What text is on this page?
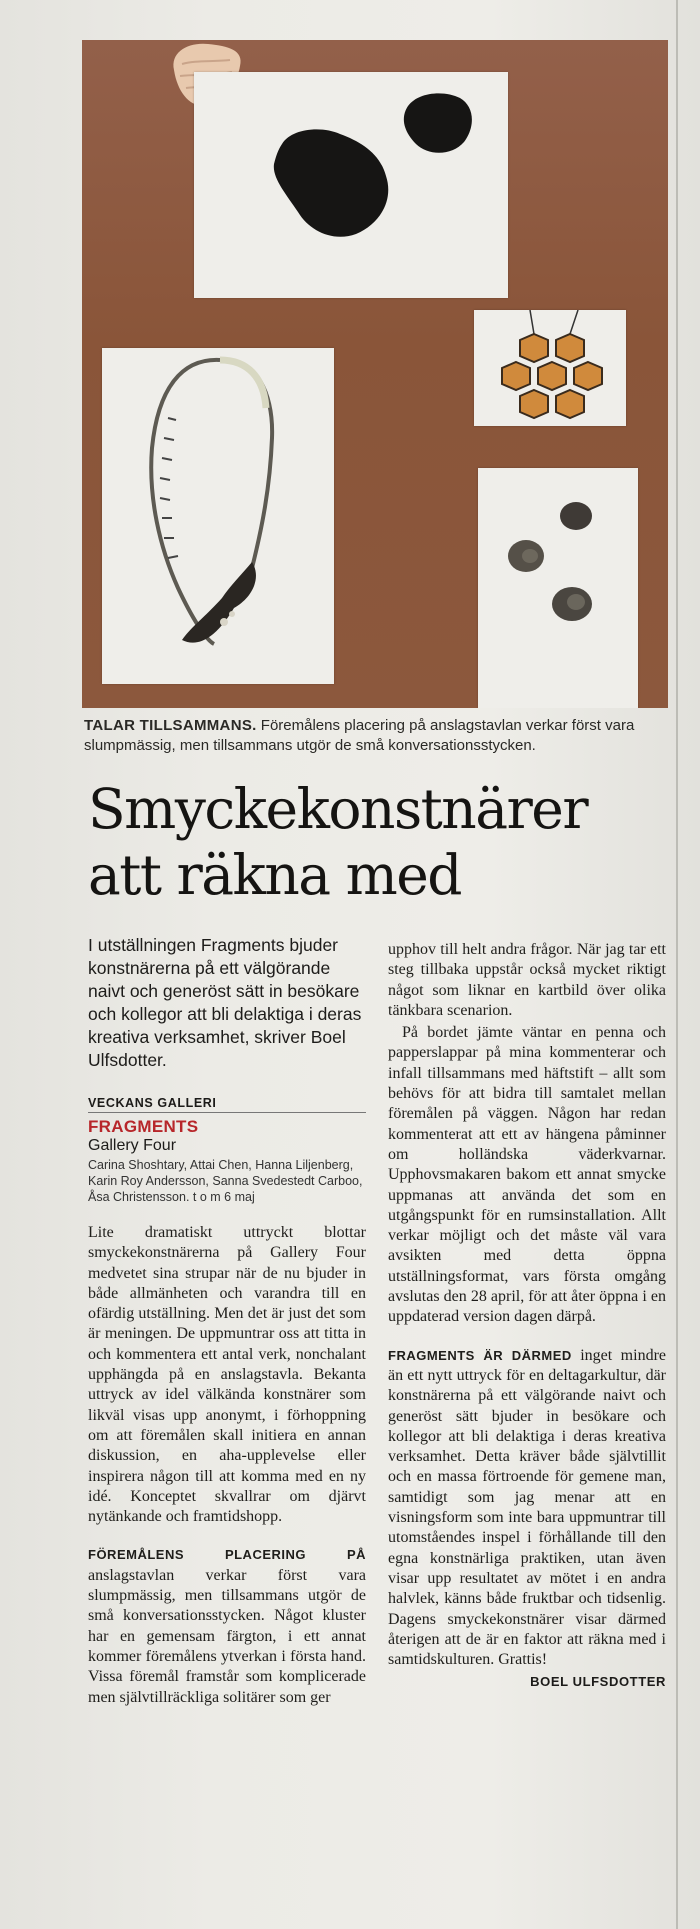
TALAR TILLSAMMANS. Föremålens placering på anslagstavlan verkar först vara slumpmässig, men tillsammans utgör de små konversationsstycken.
Smyckekonstnärer
att räkna med

I utställningen Fragments bjuder konstnärerna på ett välgörande naivt och generöst sätt in besökare och kollegor att bli delaktiga i deras kreativa verksamhet, skriver Boel Ulfsdotter.

VECKANS GALLERI
FRAGMENTS
Gallery Four
Carina Shoshtary, Attai Chen, Hanna Liljenberg, Karin Roy Andersson, Sanna Svedestedt Carboo, Åsa Christensson. t o m 6 maj

Lite dramatiskt uttryckt blottar smyckekonstnärerna på Gallery Four medvetet sina strupar när de nu bjuder in både allmänheten och varandra till en ofärdig utställning. Men det är just det som är meningen. De uppmuntrar oss att titta in och kommentera ett antal verk, nonchalant upphängda på en anslagstavla. Bekanta uttryck av idel välkända konstnärer som likväl visas upp anonymt, i förhoppning om att föremålen skall initiera en annan diskussion, en aha-upplevelse eller inspirera någon till att komma med en ny idé. Konceptet skvallrar om djärvt nytänkande och framtidshopp.

FÖREMÅLENS PLACERING PÅ anslagstavlan verkar först vara slumpmässig, men tillsammans utgör de små konversationsstycken. Något kluster har en gemensam färgton, i ett annat kommer föremålens ytverkan i första hand. Vissa föremål framstår som komplicerade men självtillräckliga solitärer som ger

upphov till helt andra frågor. När jag tar ett steg tillbaka uppstår också mycket riktigt något som liknar en kartbild över olika tänkbara scenarion.

På bordet jämte väntar en penna och papperslappar på mina kommenterar och infall tillsammans med häftstift – allt som behövs för att bidra till samtalet mellan föremålen på väggen. Någon har redan kommenterat att ett av hängena påminner om holländska väderkvarnar. Upphovsmakaren bakom ett annat smycke uppmanas att använda det som en utgångspunkt för en rumsinstallation. Allt verkar möjligt och det måste väl vara avsikten med detta öppna utställningsformat, vars första omgång avslutas den 28 april, för att åter öppna i en uppdaterad version dagen därpå.

FRAGMENTS ÄR DÄRMED inget mindre än ett nytt uttryck för en deltagarkultur, där konstnärerna på ett välgörande naivt och generöst sätt bjuder in besökare och kollegor att bli delaktiga i deras kreativa verksamhet. Detta kräver både självtillit och en massa förtroende för gemene man, samtidigt som jag menar att en visningsform som inte bara uppmuntrar till utomståendes inspel i förhållande till den egna konstnärliga praktiken, utan även visar upp resultatet av mötet i en andra halvlek, känns både fruktbar och tidsenlig. Dagens smyckekonstnärer visar därmed återigen att de är en faktor att räkna med i samtidskulturen. Grattis!

BOEL ULFSDOTTER
